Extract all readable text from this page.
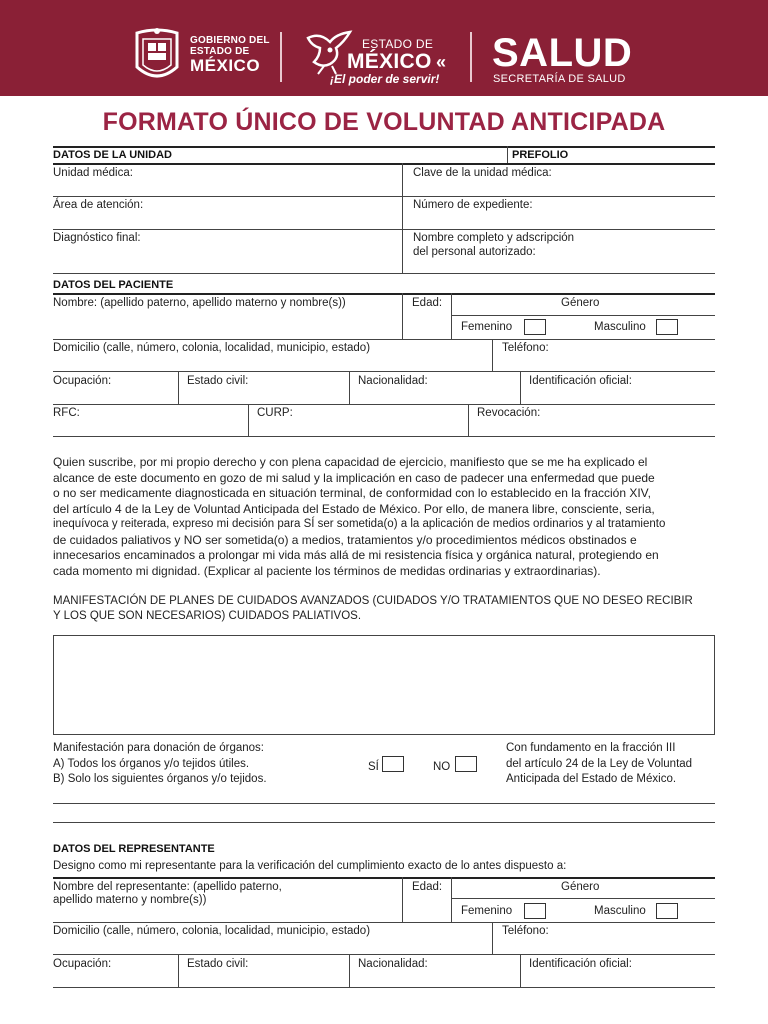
GOBIERNO DEL
ESTADO DE
MÉXICO
ESTADO DE
MÉXICO «
¡El poder de servir!
SALUD
SECRETARÍA DE SALUD
FORMATO ÚNICO DE VOLUNTAD ANTICIPADA
DATOS DE LA UNIDAD	PREFOLIO
Unidad médica:	Clave de la unidad médica:
Área de atención:	Número de expediente:
Diagnóstico final:	Nombre completo y adscripción
del personal autorizado:
DATOS DEL PACIENTE
Nombre: (apellido paterno, apellido materno y nombre(s))	Edad:	Género
Femenino	Masculino
Domicilio (calle, número, colonia, localidad, municipio, estado)	Teléfono:
Ocupación:	Estado civil:	Nacionalidad:	Identificación oficial:
RFC:	CURP:	Revocación:
Quien suscribe, por mi propio derecho y con plena capacidad de ejercicio, manifiesto que se me ha explicado el
alcance de este documento en gozo de mi salud y la implicación en caso de padecer una enfermedad que puede
o no ser medicamente diagnosticada en situación terminal, de conformidad con lo establecido en la fracción XIV,
del artículo 4 de la Ley de Voluntad Anticipada del Estado de México. Por ello, de manera libre, consciente, seria,
inequívoca y reiterada, expreso mi decisión para SÍ ser sometida(o) a la aplicación de medios ordinarios y al tratamiento
de cuidados paliativos y NO ser sometida(o) a medios, tratamientos y/o procedimientos médicos obstinados e
innecesarios encaminados a prolongar mi vida más allá de mi resistencia física y orgánica natural, protegiendo en
cada momento mi dignidad. (Explicar al paciente los términos de medidas ordinarias y extraordinarias).
MANIFESTACIÓN DE PLANES DE CUIDADOS AVANZADOS (CUIDADOS Y/O TRATAMIENTOS QUE NO DESEO RECIBIR
Y LOS QUE SON NECESARIOS) CUIDADOS PALIATIVOS.
Manifestación para donación de órganos:
A) Todos los órganos y/o tejidos útiles.
B) Solo los siguientes órganos y/o tejidos.
SÍ	NO
Con fundamento en la fracción III
del artículo 24 de la Ley de Voluntad
Anticipada del Estado de México.
DATOS DEL REPRESENTANTE
Designo como mi representante para la verificación del cumplimiento exacto de lo antes dispuesto a:
Nombre del representante: (apellido paterno,
apellido materno y nombre(s))
Edad:	Género
Femenino	Masculino
Domicilio (calle, número, colonia, localidad, municipio, estado)	Teléfono:
Ocupación:	Estado civil:	Nacionalidad:	Identificación oficial:
